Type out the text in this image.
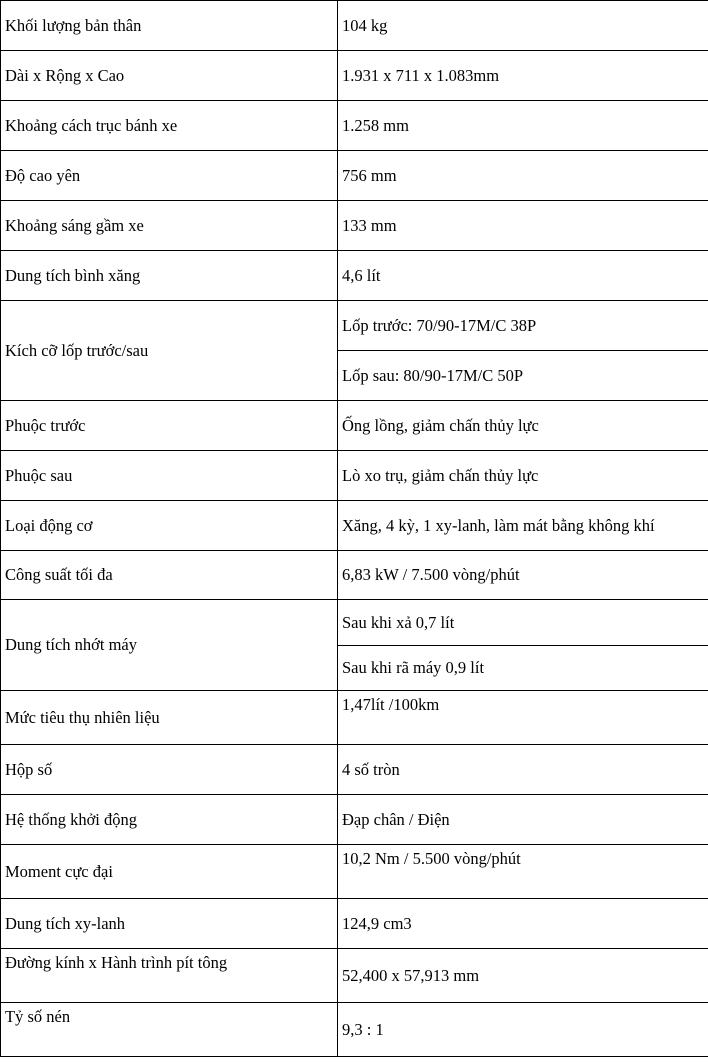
Khối lượng bản thân	104 kg
Dài x Rộng x Cao	1.931 x 711 x 1.083mm
Khoảng cách trục bánh xe	1.258 mm
Độ cao yên	756 mm
Khoảng sáng gầm xe	133 mm
Dung tích bình xăng	4,6 lít
Kích cỡ lốp trước/sau	Lốp trước: 70/90-17M/C 38P
	Lốp sau: 80/90-17M/C 50P
Phuộc trước	Ống lồng, giảm chấn thủy lực
Phuộc sau	Lò xo trụ, giảm chấn thủy lực
Loại động cơ	Xăng, 4 kỳ, 1 xy-lanh, làm mát bằng không khí
Công suất tối đa	6,83 kW / 7.500 vòng/phút
Dung tích nhớt máy	Sau khi xả 0,7 lít
	Sau khi rã máy 0,9 lít
Mức tiêu thụ nhiên liệu	1,47lít /100km
Hộp số	4 số tròn
Hệ thống khởi động	Đạp chân / Điện
Moment cực đại	10,2 Nm / 5.500 vòng/phút
Dung tích xy-lanh	124,9 cm3
Đường kính x Hành trình pít tông	52,400 x 57,913 mm
Tỷ số nén	9,3 : 1
